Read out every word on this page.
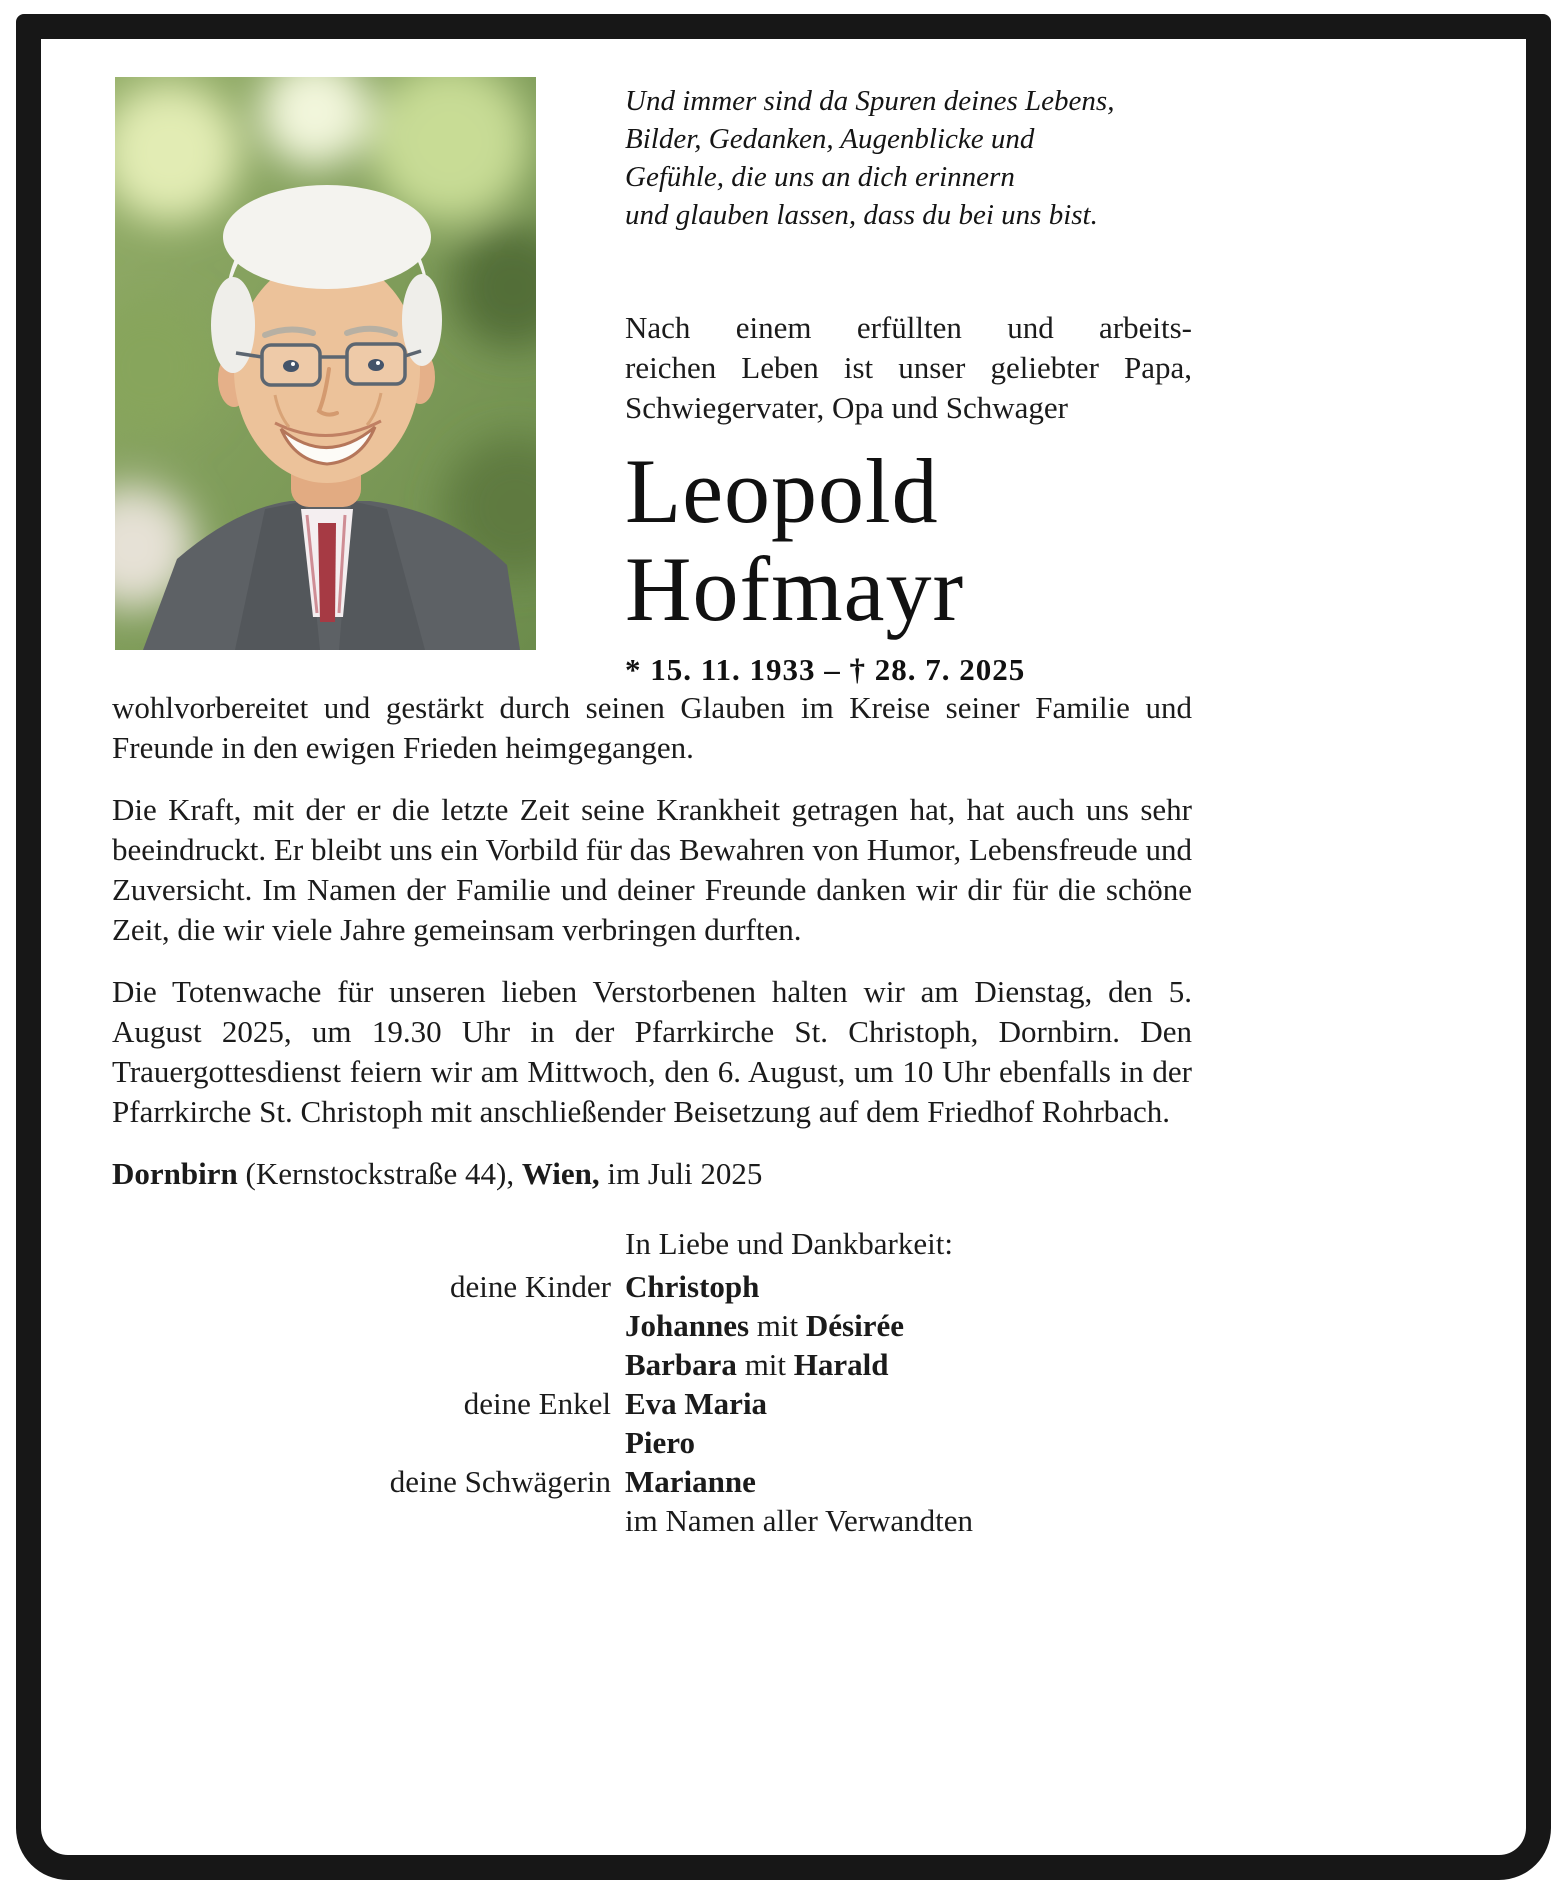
Und immer sind da Spuren deines Lebens,
Bilder, Gedanken, Augenblicke und
Gefühle, die uns an dich erinnern
und glauben lassen, dass du bei uns bist.
Nach einem erfüllten und arbeits-
reichen Leben ist unser geliebter Papa,
Schwiegervater, Opa und Schwager
Leopold
Hofmayr
* 15. 11. 1933 – † 28. 7. 2025

wohlvorbereitet und gestärkt durch seinen Glauben im Kreise seiner Familie und Freunde in den ewigen Frieden heimgegangen.

Die Kraft, mit der er die letzte Zeit seine Krankheit getragen hat, hat auch uns sehr beeindruckt. Er bleibt uns ein Vorbild für das Bewahren von Humor, Lebensfreude und Zuversicht. Im Namen der Familie und deiner Freunde danken wir dir für die schöne Zeit, die wir viele Jahre gemeinsam verbringen durften.

Die Totenwache für unseren lieben Verstorbenen halten wir am Dienstag, den 5. August 2025, um 19.30 Uhr in der Pfarrkirche St. Christoph, Dornbirn. Den Trauergottesdienst feiern wir am Mittwoch, den 6. August, um 10 Uhr ebenfalls in der Pfarrkirche St. Christoph mit anschließender Beisetzung auf dem Friedhof Rohrbach.

Dornbirn (Kernstockstraße 44), Wien, im Juli 2025
In Liebe und Dankbarkeit:
deine Kinder Christoph
Johannes mit Désirée
Barbara mit Harald
deine Enkel Eva Maria
Piero
deine Schwägerin Marianne
im Namen aller Verwandten
